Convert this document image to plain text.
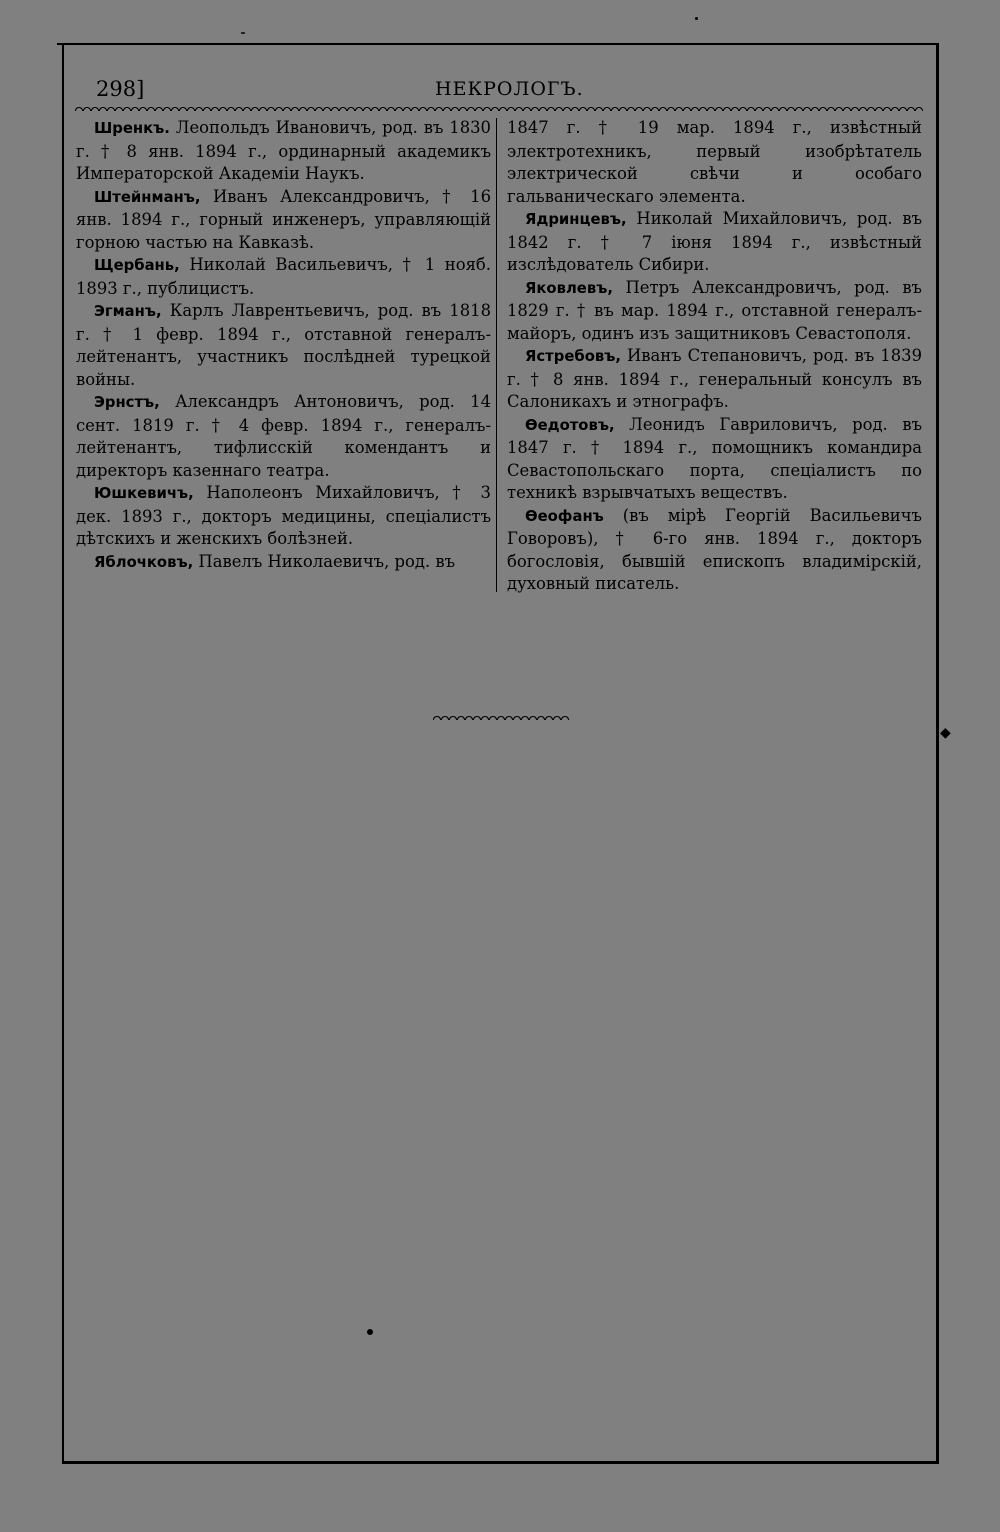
◆
298]	НЕКРОЛОГЪ.

Шренкъ. Леопольдъ Ивановичъ, род. въ 1830 г. † 8 янв. 1894 г., ординарный академикъ Императорской Академіи Наукъ.

Штейнманъ, Иванъ Александровичъ, † 16 янв. 1894 г., горный инженеръ, управляющій горною частью на Кавказѣ.

Щербань, Николай Васильевичъ, † 1 нояб. 1893 г., публицистъ.

Эгманъ, Карлъ Лаврентьевичъ, род. въ 1818 г. † 1 февр. 1894 г., отставной генералъ-лейтенантъ, участникъ послѣдней турецкой войны.

Эрнстъ, Александръ Антоновичъ, род. 14 сент. 1819 г. † 4 февр. 1894 г., генералъ-лейтенантъ, тифлисскій комендантъ и директоръ казеннаго театра.

Юшкевичъ, Наполеонъ Михайловичъ, † 3 дек. 1893 г., докторъ медицины, спеціалистъ дѣтскихъ и женскихъ болѣзней.

Яблочковъ, Павелъ Николаевичъ, род. въ

1847 г. † 19 мар. 1894 г., извѣстный электротехникъ, первый изобрѣтатель электрической свѣчи и особаго гальваническаго элемента.

Ядринцевъ, Николай Михайловичъ, род. въ 1842 г. † 7 іюня 1894 г., извѣстный изслѣдователь Сибири.

Яковлевъ, Петръ Александровичъ, род. въ 1829 г. † въ мар. 1894 г., отставной генералъ-майоръ, одинъ изъ защитниковъ Севастополя.

Ястребовъ, Иванъ Степановичъ, род. въ 1839 г. † 8 янв. 1894 г., генеральный консулъ въ Салоникахъ и этнографъ.

Ѳедотовъ, Леонидъ Гавриловичъ, род. въ 1847 г. † 1894 г., помощникъ командира Севастопольскаго порта, спеціалистъ по техникѣ взрывчатыхъ веществъ.

Ѳеофанъ (въ мірѣ Георгій Васильевичъ Говоровъ), † 6-го янв. 1894 г., докторъ богословія, бывшій епископъ владимірскій, духовный писатель.
